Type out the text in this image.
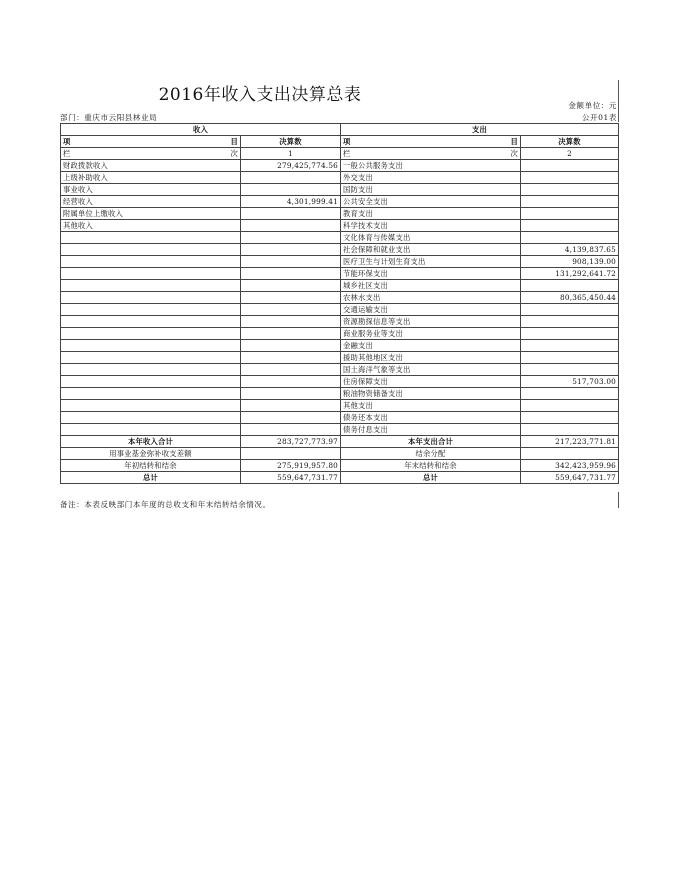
2016年收入支出决算总表
金额单位：元
部门：重庆市云阳县林业局	公开01表
收入		支出	
项 目	决算数	项 目	决算数
栏 次	1	栏 次	2
财政拨款收入	279,425,774.56	一般公共服务支出	
上级补助收入		外交支出	
事业收入		国防支出	
经营收入	4,301,999.41	公共安全支出	
附属单位上缴收入		教育支出	
其他收入		科学技术支出	
		文化体育与传媒支出	
		社会保障和就业支出	4,139,837.65
		医疗卫生与计划生育支出	908,139.00
		节能环保支出	131,292,641.72
		城乡社区支出	
		农林水支出	80,365,450.44
		交通运输支出	
		资源勘探信息等支出	
		商业服务业等支出	
		金融支出	
		援助其他地区支出	
		国土海洋气象等支出	
		住房保障支出	517,703.00
		粮油物资储备支出	
		其他支出	
		债务还本支出	
		债务付息支出	
本年收入合计	283,727,773.97	本年支出合计	217,223,771.81
用事业基金弥补收支差额		结余分配	
年初结转和结余	275,919,957.80	年末结转和结余	342,423,959.96
总计	559,647,731.77	总计	559,647,731.77
备注：本表反映部门本年度的总收支和年末结转结余情况。
